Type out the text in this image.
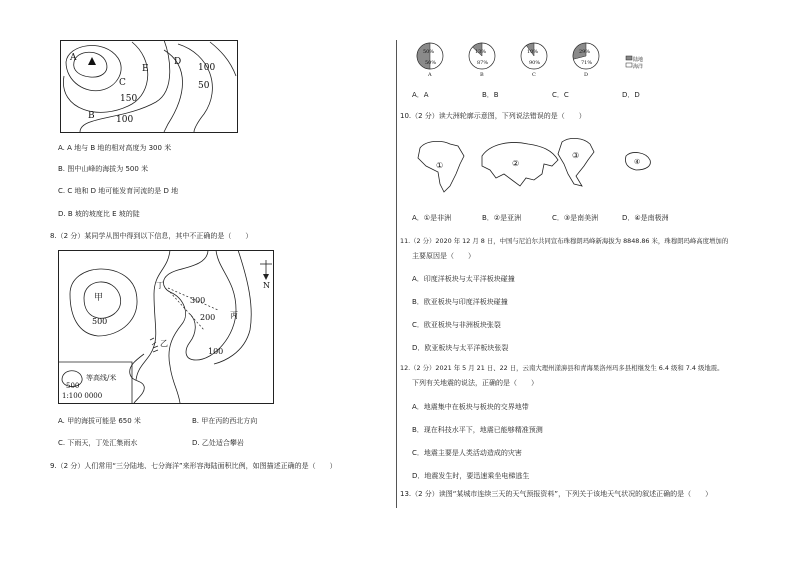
A
C
E
D
100
50
150
B 100
A. A 地与 B 地的相对高度为 300 米
B. 图中山峰的海拔为 500 米
C. C 地和 D 地可能发育河流的是 D 地
D. B 坡的坡度比 E 坡的陡
8.（2 分）某同学从图中得到以下信息，其中不正确的是（　　）
N
甲
500
丁
300
200 丙
乙
100
等高线/米
500
1:100 0000
A. 甲的海拔可能是 650 米	B. 甲在丙的西北方向
C. 下雨天，丁处汇集雨水	D. 乙处适合攀岩
9.（2 分）人们常用“三分陆地、七分海洋”来形容海陆面积比例，如图描述正确的是（　　）
50%
50%
A
13%
87%
B
10%
90%
C
29%
71%
D
陆地
海洋
A．A	B．B	C．C	D．D
10.（2 分）读大洲轮廓示意图，下列说法错误的是（　　）
①	②
③
④
A．①是非洲	B．②是亚洲	C．③是南美洲	D．④是南极洲
11.（2 分）2020 年 12 月 8 日，中国与尼泊尔共同宣布珠穆朗玛峰新海拔为 8848.86 米，珠穆朗玛峰高度增加的
主要原因是（　　）
A．印度洋板块与太平洋板块碰撞
B．欧亚板块与印度洋板块碰撞
C．欧亚板块与非洲板块张裂
D．欧亚板块与太平洋板块张裂
12.（2 分）2021 年 5 月 21 日、22 日，云南大理州漾濞县和青海果洛州玛多县相继发生 6.4 级和 7.4 级地震。
下列有关地震的说法，正确的是（　　）
A．地震集中在板块与板块的交界地带
B．现在科技水平下，地震已能够精准预测
C．地震主要是人类活动造成的灾害
D．地震发生时，要迅速乘坐电梯逃生
13.（2 分）读图“某城市连续三天的天气预报资料”，下列关于该地天气状况的叙述正确的是（　　）
